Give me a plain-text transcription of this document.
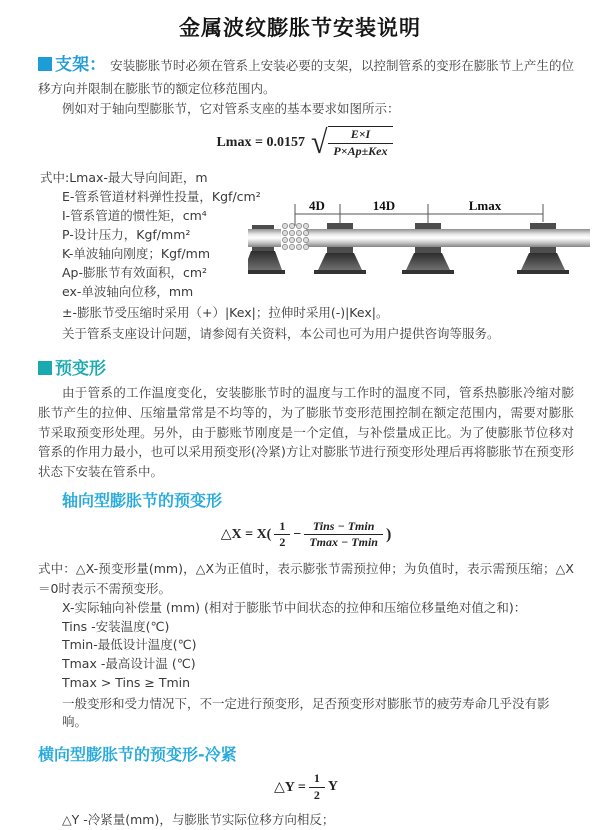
金属波纹膨胀节安装说明

支架： 安装膨胀节时必须在管系上安装必要的支架，以控制管系的变形在膨胀节上产生的位移方向并限制在膨胀节的额定位移范围内。

例如对于轴向型膨胀节，它对管系支座的基本要求如图所示：

Lmax = 0.0157 √ $\frac{E\times I}{\text{P×Ap±Kex}}$
式中:Lmax-最大导向间距，m
E-管系管道材料弹性投量，Kgf/cm²
I-管系管道的惯性矩，cm⁴
P-设计压力，Kgf/mm²
K-单波轴向刚度；Kgf/mm
Ap-膨胀节有效面积，cm²
ex-单波轴向位移，mm
4D	14D	Lmax

±-膨胀节受压缩时采用（+）|Kex|；拉伸时采用(-)|Kex|。

关于管系支座设计问题，请参阅有关资料，本公司也可为用户提供咨询等服务。

预变形

由于管系的工作温度变化，安装膨胀节时的温度与工作时的温度不同，管系热膨胀冷缩对膨胀节产生的拉伸、压缩量常常是不均等的，为了膨胀节变形范围控制在额定范围内，需要对膨胀节采取预变形处理。另外，由于膨账节刚度是一个定值，与补偿量成正比。为了使膨胀节位移对管系的作用力最小，也可以采用预变形(冷紧)方让对膨胀节进行预变形处理后再将膨胀节在预变形状态下安装在管系中。

轴向型膨胀节的预变形
△X = $X( \frac{1}{2} - \frac{\text{Tins − Tmin}}{Tmax - Tmin}$ )

式中：△X-预变形量(mm)，△X为正值时，表示膨张节需预拉伸；为负值时，表示需预压缩；△X＝0时表示不需预变形。

X-实际轴向补偿量 (mm) (相对于膨胀节中间状态的拉伸和压缩位移量绝对值之和)：
Tins -安装温度(℃)
Tmin-最低设计温度(℃)
Tmax -最高设计温 (℃)
Tmax > Tins ≥ Tmin

一般变形和受力情况下，不一定进行预变形，足否预变形对膨胀节的疲劳寿命几乎没有影响。

横向型膨胀节的预变形-冷紧
△Y = $\frac{1}{2}$ Y

△Y -冷紧量(mm)，与膨胀节实际位移方向相反；
